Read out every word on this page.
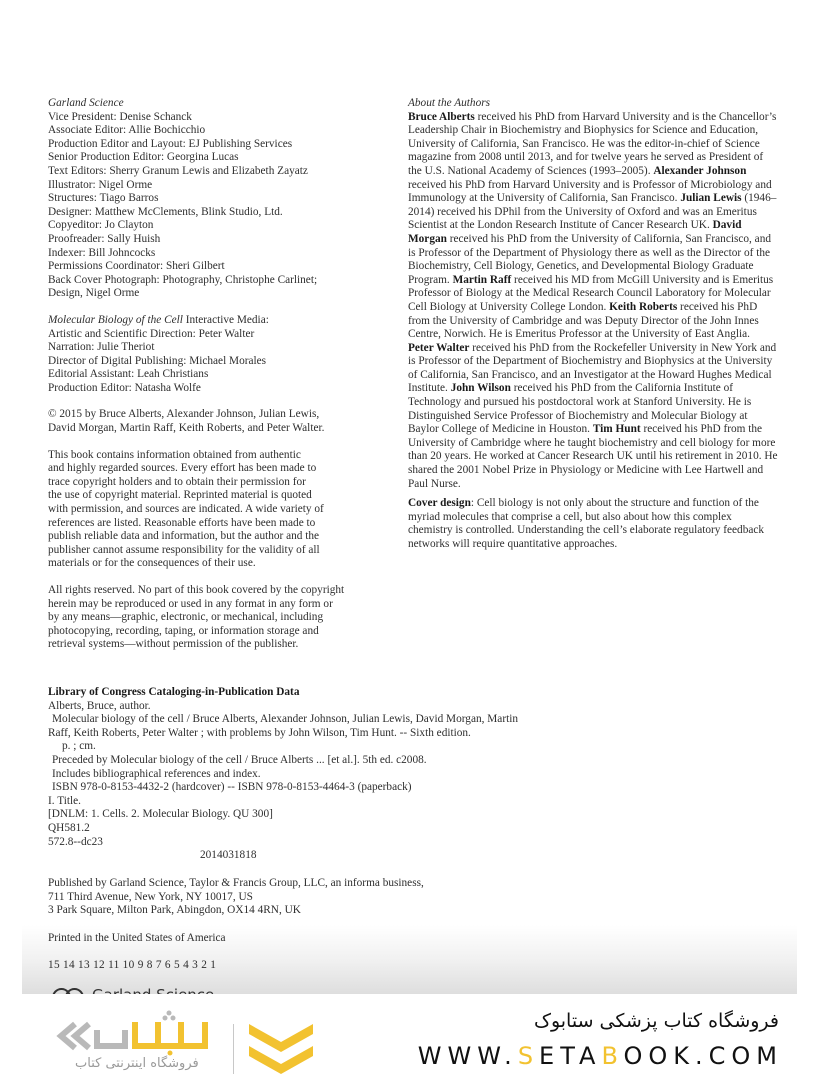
Garland Science
Vice President: Denise Schanck
Associate Editor: Allie Bochicchio
Production Editor and Layout: EJ Publishing Services
Senior Production Editor: Georgina Lucas
Text Editors: Sherry Granum Lewis and Elizabeth Zayatz
Illustrator: Nigel Orme
Structures: Tiago Barros
Designer: Matthew McClements, Blink Studio, Ltd.
Copyeditor: Jo Clayton
Proofreader: Sally Huish
Indexer: Bill Johncocks
Permissions Coordinator: Sheri Gilbert
Back Cover Photograph: Photography, Christophe Carlinet;
Design, Nigel Orme
Molecular Biology of the Cell Interactive Media:
Artistic and Scientific Direction: Peter Walter
Narration: Julie Theriot
Director of Digital Publishing: Michael Morales
Editorial Assistant: Leah Christians
Production Editor: Natasha Wolfe
© 2015 by Bruce Alberts, Alexander Johnson, Julian Lewis,
David Morgan, Martin Raff, Keith Roberts, and Peter Walter.
This book contains information obtained from authentic
and highly regarded sources. Every effort has been made to
trace copyright holders and to obtain their permission for
the use of copyright material. Reprinted material is quoted
with permission, and sources are indicated. A wide variety of
references are listed. Reasonable efforts have been made to
publish reliable data and information, but the author and the
publisher cannot assume responsibility for the validity of all
materials or for the consequences of their use.
All rights reserved. No part of this book covered by the copyright
herein may be reproduced or used in any format in any form or
by any means—graphic, electronic, or mechanical, including
photocopying, recording, taping, or information storage and
retrieval systems—without permission of the publisher.
About the Authors

Bruce Alberts received his PhD from Harvard University and is the Chancellor’s Leadership Chair in Biochemistry and Biophysics for Science and Education, University of California, San Francisco. He was the editor-in-chief of Science magazine from 2008 until 2013, and for twelve years he served as President of the U.S. National Academy of Sciences (1993–2005). Alexander Johnson received his PhD from Harvard University and is Professor of Microbiology and Immunology at the University of California, San Francisco. Julian Lewis (1946–2014) received his DPhil from the University of Oxford and was an Emeritus Scientist at the London Research Institute of Cancer Research UK. David Morgan received his PhD from the University of California, San Francisco, and is Professor of the Department of Physiology there as well as the Director of the Biochemistry, Cell Biology, Genetics, and Developmental Biology Graduate Program. Martin Raff received his MD from McGill University and is Emeritus Professor of Biology at the Medical Research Council Laboratory for Molecular Cell Biology at University College London. Keith Roberts received his PhD from the University of Cambridge and was Deputy Director of the John Innes Centre, Norwich. He is Emeritus Professor at the University of East Anglia. Peter Walter received his PhD from the Rockefeller University in New York and is Professor of the Department of Biochemistry and Biophysics at the University of California, San Francisco, and an Investigator at the Howard Hughes Medical Institute. John Wilson received his PhD from the California Institute of Technology and pursued his postdoctoral work at Stanford University. He is Distinguished Service Professor of Biochemistry and Molecular Biology at Baylor College of Medicine in Houston. Tim Hunt received his PhD from the University of Cambridge where he taught biochemistry and cell biology for more than 20 years. He worked at Cancer Research UK until his retirement in 2010. He shared the 2001 Nobel Prize in Physiology or Medicine with Lee Hartwell and Paul Nurse.

Cover design: Cell biology is not only about the structure and function of the myriad molecules that comprise a cell, but also about how this complex chemistry is controlled. Understanding the cell’s elaborate regulatory feedback networks will require quantitative approaches.

Library of Congress Cataloging-in-Publication Data
Alberts, Bruce, author.
Molecular biology of the cell / Bruce Alberts, Alexander Johnson, Julian Lewis, David Morgan, Martin
Raff, Keith Roberts, Peter Walter ; with problems by John Wilson, Tim Hunt. -- Sixth edition.
p. ; cm.
Preceded by Molecular biology of the cell / Bruce Alberts ... [et al.]. 5th ed. c2008.
Includes bibliographical references and index.
ISBN 978-0-8153-4432-2 (hardcover) -- ISBN 978-0-8153-4464-3 (paperback)
I. Title.
[DNLM: 1. Cells. 2. Molecular Biology. QU 300]
QH581.2
572.8--dc23
2014031818
Published by Garland Science, Taylor & Francis Group, LLC, an informa business,
711 Third Avenue, New York, NY 10017, US
3 Park Square, Milton Park, Abingdon, OX14 4RN, UK
Printed in the United States of America
15 14 13 12 11 10 9 8 7 6 5 4 3 2 1
فروشگاه اینترنتی کتاب
فروشگاه کتاب پزشکی ستابوک
WWW.SETABOOK.COM
